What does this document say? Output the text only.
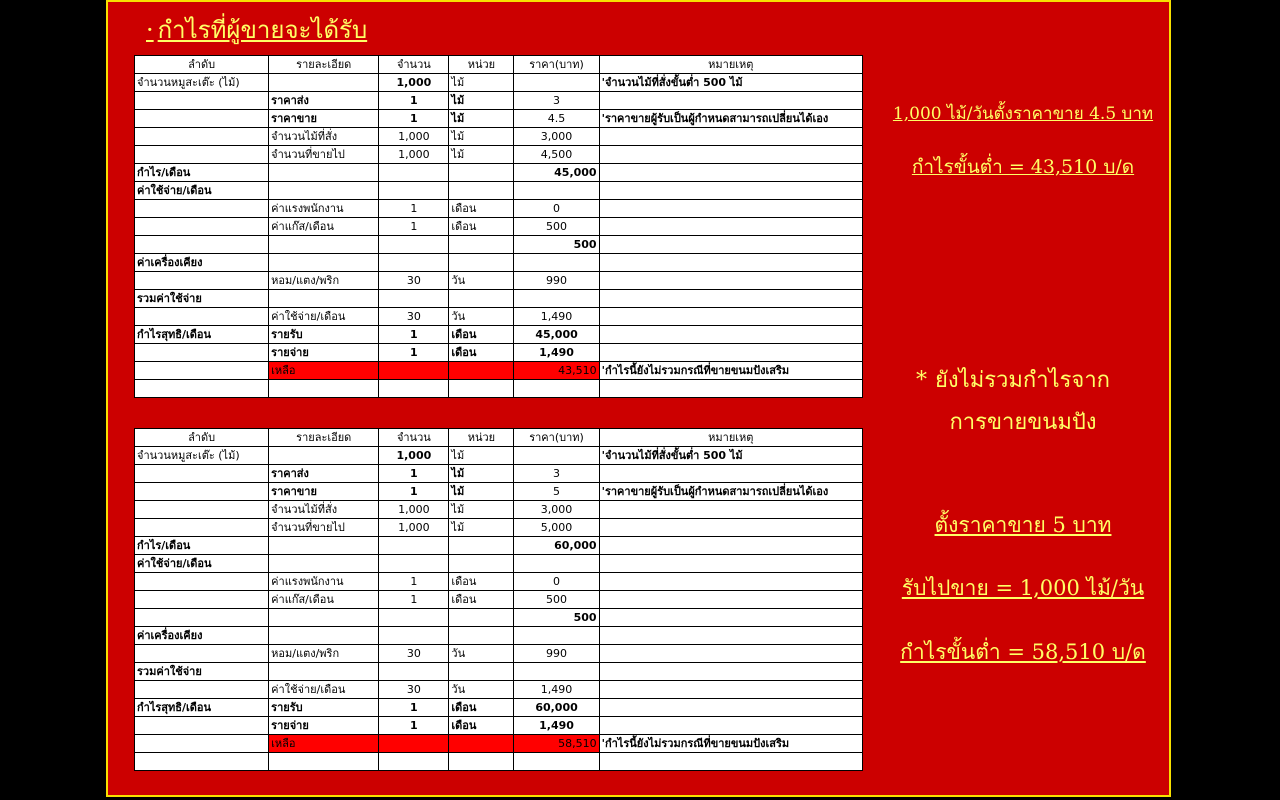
· กำไรที่ผู้ขายจะได้รับ
ลำดับ	รายละเอียด	จำนวน	หน่วย	ราคา(บาท)	หมายเหตุ
จำนวนหมูสะเต๊ะ (ไม้)		1,000	ไม้		'จำนวนไม้ที่สั่งขั้นต่ำ 500 ไม้
	ราคาส่ง	1	ไม้	3	
	ราคาขาย	1	ไม้	4.5	'ราคาขายผู้รับเป็นผู้กำหนดสามารถเปลี่ยนได้เอง
	จำนวนไม้ที่สั่ง	1,000	ไม้	3,000	
	จำนวนที่ขายไป	1,000	ไม้	4,500	
กำไร/เดือน				45,000	
ค่าใช้จ่าย/เดือน					
	ค่าแรงพนักงาน	1	เดือน	0	
	ค่าแก๊ส/เดือน	1	เดือน	500	
				500	
ค่าเครื่องเคียง					
	หอม/แตง/พริก	30	วัน	990	
รวมค่าใช้จ่าย					
	ค่าใช้จ่าย/เดือน	30	วัน	1,490	
กำไรสุทธิ/เดือน	รายรับ	1	เดือน	45,000	
	รายจ่าย	1	เดือน	1,490	
	เหลือ			43,510	'กำไรนี้ยังไม่รวมกรณีที่ขายขนมปังเสริม

ลำดับ	รายละเอียด	จำนวน	หน่วย	ราคา(บาท)	หมายเหตุ
จำนวนหมูสะเต๊ะ (ไม้)		1,000	ไม้		'จำนวนไม้ที่สั่งขั้นต่ำ 500 ไม้
	ราคาส่ง	1	ไม้	3	
	ราคาขาย	1	ไม้	5	'ราคาขายผู้รับเป็นผู้กำหนดสามารถเปลี่ยนได้เอง
	จำนวนไม้ที่สั่ง	1,000	ไม้	3,000	
	จำนวนที่ขายไป	1,000	ไม้	5,000	
กำไร/เดือน				60,000	
ค่าใช้จ่าย/เดือน					
	ค่าแรงพนักงาน	1	เดือน	0	
	ค่าแก๊ส/เดือน	1	เดือน	500	
				500	
ค่าเครื่องเคียง					
	หอม/แตง/พริก	30	วัน	990	
รวมค่าใช้จ่าย					
	ค่าใช้จ่าย/เดือน	30	วัน	1,490	
กำไรสุทธิ/เดือน	รายรับ	1	เดือน	60,000	
	รายจ่าย	1	เดือน	1,490	
	เหลือ			58,510	'กำไรนี้ยังไม่รวมกรณีที่ขายขนมปังเสริม

1,000 ไม้/วันตั้งราคาขาย 4.5 บาท
กำไรขั้นต่ำ = 43,510 บ/ด
* ยังไม่รวมกำไรจาก
การขายขนมปัง
ตั้งราคาขาย 5 บาท
รับไปขาย = 1,000 ไม้/วัน
กำไรขั้นต่ำ = 58,510 บ/ด
